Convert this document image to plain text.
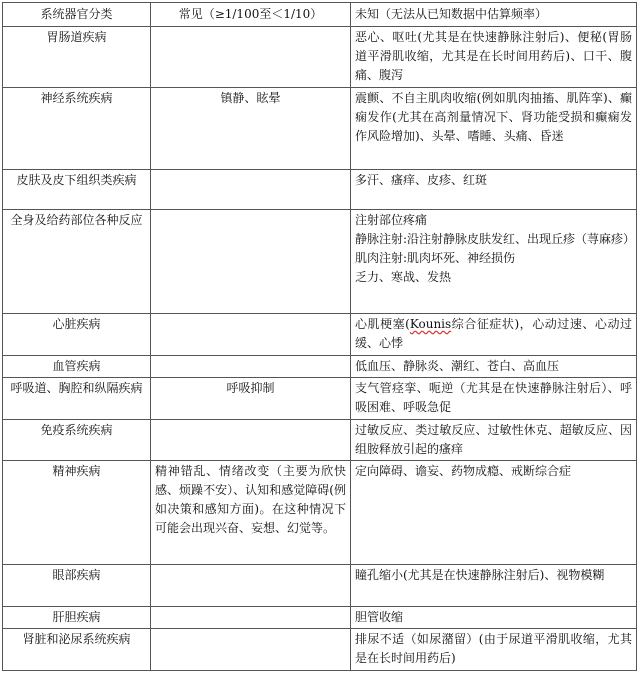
系统器官分类	常见（≥1/100至＜1/10）	未知（无法从已知数据中估算频率）
胃肠道疾病		恶心、呕吐(尤其是在快速静脉注射后)、便秘(胃肠道平滑肌收缩，尤其是在长时间用药后)、口干、腹痛、腹泻

神经系统疾病	镇静、眩晕	震颤、不自主肌肉收缩(例如肌肉抽搐、肌阵挛)、癫痫发作(尤其在高剂量情况下、肾功能受损和癫痫发作风险增加)、头晕、嗜睡、头痛、昏迷

皮肤及皮下组织类疾病		多汗、瘙痒、皮疹、红斑

全身及给药部位各种反应		注射部位疼痛
静脉注射:沿注射静脉皮肤发红、出现丘疹（荨麻疹）
肌肉注射:肌肉坏死、神经损伤
乏力、寒战、发热

心脏疾病		心肌梗塞(Kounis综合征症状)，心动过速、心动过缓、心悸
血管疾病		低血压、静脉炎、潮红、苍白、高血压

呼吸道、胸腔和纵隔疾病	呼吸抑制	支气管痉挛、呃逆（尤其是在快速静脉注射后）、呼吸困难、呼吸急促

免疫系统疾病		过敏反应、类过敏反应、过敏性休克、超敏反应、因组胺释放引起的瘙痒

精神疾病	精神错乱、情绪改变（主要为欣快感、烦躁不安）、认知和感觉障碍(例如决策和感知方面)。在这种情况下可能会出现兴奋、妄想、幻觉等。	定向障碍、谵妄、药物成瘾、戒断综合症

眼部疾病		瞳孔缩小(尤其是在快速静脉注射后)、视物模糊

肝胆疾病		胆管收缩

肾脏和泌尿系统疾病		排尿不适（如尿潴留）(由于尿道平滑肌收缩，尤其是在长时间用药后)
